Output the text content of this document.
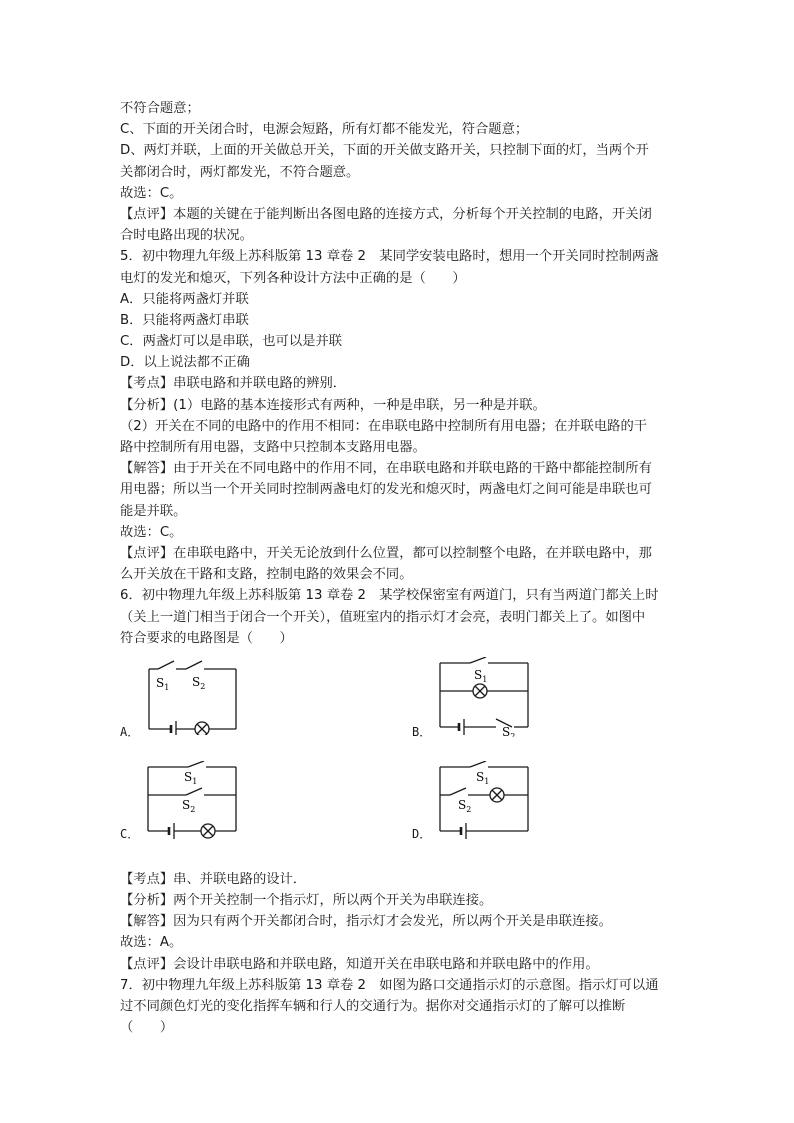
不符合题意；
C、下面的开关闭合时，电源会短路，所有灯都不能发光，符合题意；
D、两灯并联，上面的开关做总开关，下面的开关做支路开关，只控制下面的灯，当两个开
关都闭合时，两灯都发光，不符合题意。
故选：C。
【点评】本题的关键在于能判断出各图电路的连接方式，分析每个开关控制的电路，开关闭
合时电路出现的状况。
5．初中物理九年级上苏科版第 13 章卷 2　某同学安装电路时，想用一个开关同时控制两盏
电灯的发光和熄灭，下列各种设计方法中正确的是（　　）
A．只能将两盏灯并联
B．只能将两盏灯串联
C．两盏灯可以是串联，也可以是并联
D．以上说法都不正确
【考点】串联电路和并联电路的辨别．
【分析】(1）电路的基本连接形式有两种，一种是串联，另一种是并联。
（2）开关在不同的电路中的作用不相同：在串联电路中控制所有用电器；在并联电路的干
路中控制所有用电器，支路中只控制本支路用电器。
【解答】由于开关在不同电路中的作用不同，在串联电路和并联电路的干路中都能控制所有
用电器；所以当一个开关同时控制两盏电灯的发光和熄灭时，两盏电灯之间可能是串联也可
能是并联。
故选：C。
【点评】在串联电路中，开关无论放到什么位置，都可以控制整个电路，在并联电路中，那
么开关放在干路和支路，控制电路的效果会不同。
6．初中物理九年级上苏科版第 13 章卷 2　某学校保密室有两道门，只有当两道门都关上时
（关上一道门相当于闭合一个开关），值班室内的指示灯才会亮，表明门都关上了。如图中
符合要求的电路图是（　　）
$S_1$ $S_2$
A．
$S_1$
$S_2$
B．
$S_1$
$S_2$
C．
$S_1$
$S_2$
D．
【考点】串、并联电路的设计．
【分析】两个开关控制一个指示灯，所以两个开关为串联连接。
【解答】因为只有两个开关都闭合时，指示灯才会发光，所以两个开关是串联连接。
故选：A。
【点评】会设计串联电路和并联电路，知道开关在串联电路和并联电路中的作用。
7．初中物理九年级上苏科版第 13 章卷 2　如图为路口交通指示灯的示意图。指示灯可以通
过不同颜色灯光的变化指挥车辆和行人的交通行为。据你对交通指示灯的了解可以推断
（　　）
